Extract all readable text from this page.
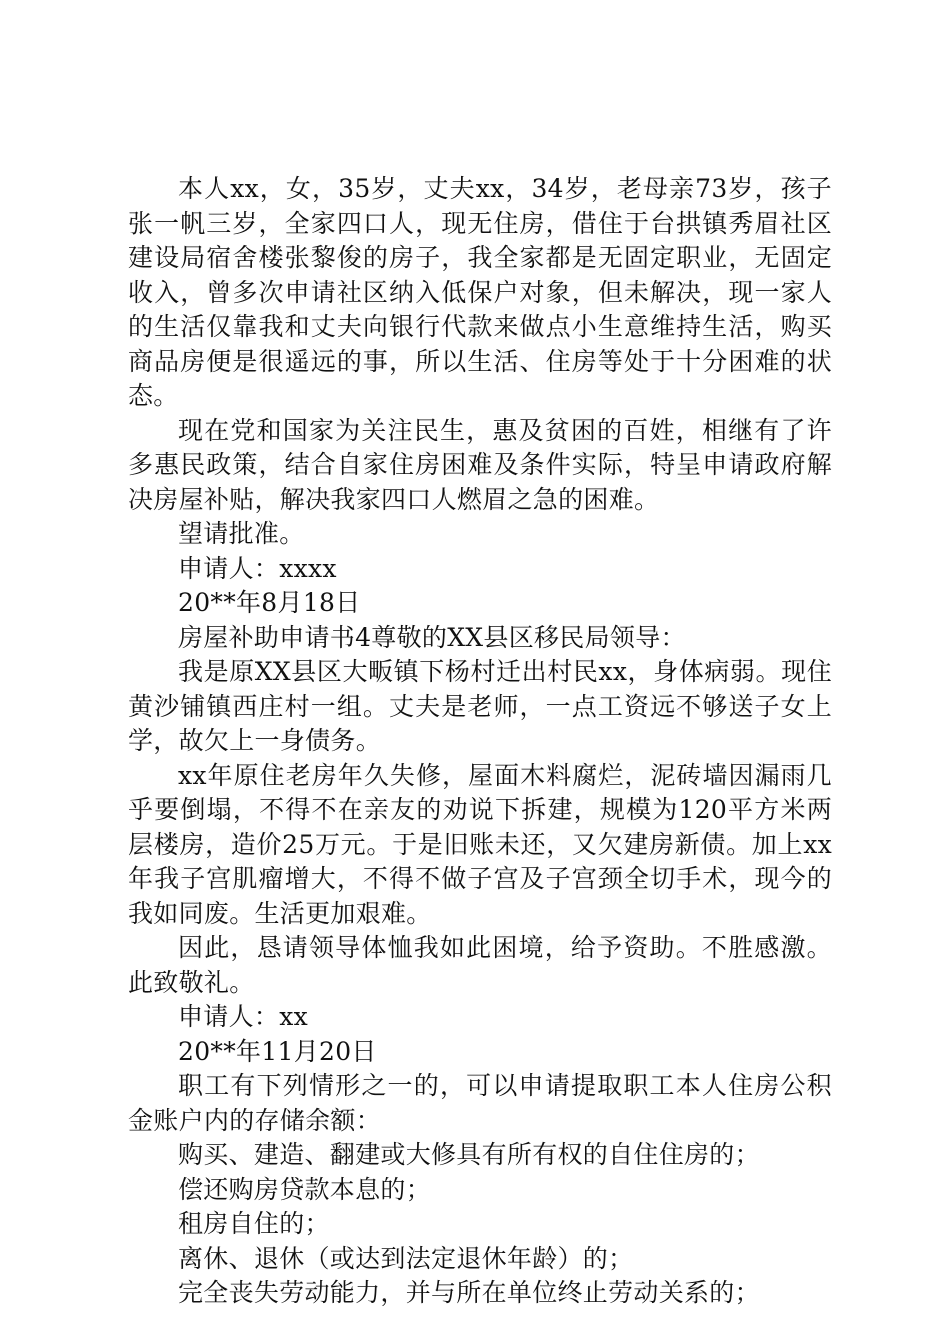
本人xx，女，35岁，丈夫xx，34岁，老母亲73岁，孩子张一帆三岁，全家四口人，现无住房，借住于台拱镇秀眉社区建设局宿舍楼张黎俊的房子，我全家都是无固定职业，无固定收入，曾多次申请社区纳入低保户对象，但未解决，现一家人的生活仅靠我和丈夫向银行代款来做点小生意维持生活，购买商品房便是很遥远的事，所以生活、住房等处于十分困难的状态。

现在党和国家为关注民生，惠及贫困的百姓，相继有了许多惠民政策，结合自家住房困难及条件实际，特呈申请政府解决房屋补贴，解决我家四口人燃眉之急的困难。

望请批准。

申请人：xxxx

20**年8月18日

房屋补助申请书4尊敬的XX县区移民局领导：

我是原XX县区大畈镇下杨村迁出村民xx，身体病弱。现住黄沙铺镇西庄村一组。丈夫是老师，一点工资远不够送子女上学，故欠上一身债务。

xx年原住老房年久失修，屋面木料腐烂，泥砖墙因漏雨几乎要倒塌，不得不在亲友的劝说下拆建，规模为120平方米两层楼房，造价25万元。于是旧账未还，又欠建房新债。加上xx年我子宫肌瘤增大，不得不做子宫及子宫颈全切手术，现今的我如同废。生活更加艰难。

因此，恳请领导体恤我如此困境，给予资助。不胜感激。此致敬礼。

申请人：xx

20**年11月20日

职工有下列情形之一的，可以申请提取职工本人住房公积金账户内的存储余额：

购买、建造、翻建或大修具有所有权的自住住房的；

偿还购房贷款本息的；

租房自住的；

离休、退休（或达到法定退休年龄）的；

完全丧失劳动能力，并与所在单位终止劳动关系的；
